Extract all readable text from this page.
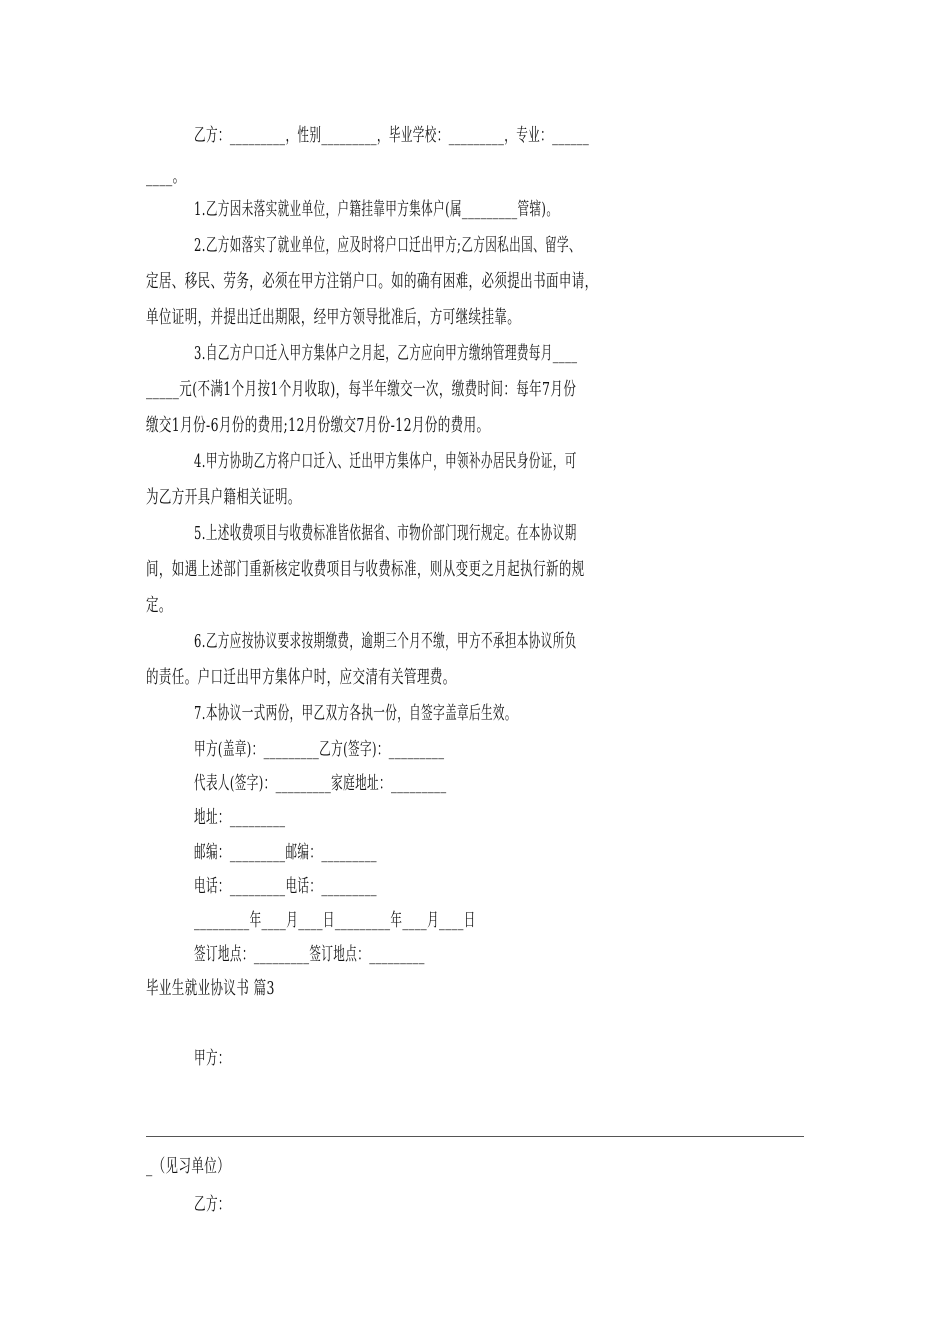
乙方：_________，性别_________，毕业学校：_________，专业：______
____。
1.乙方因未落实就业单位，户籍挂靠甲方集体户(属_________管辖)。
2.乙方如落实了就业单位，应及时将户口迁出甲方;乙方因私出国、留学、
定居、移民、劳务，必须在甲方注销户口。如的确有困难，必须提出书面申请，
单位证明，并提出迁出期限，经甲方领导批准后，方可继续挂靠。
3.自乙方户口迁入甲方集体户之月起，乙方应向甲方缴纳管理费每月____
_____元(不满1个月按1个月收取)，每半年缴交一次，缴费时间：每年7月份
缴交1月份-6月份的费用;12月份缴交7月份-12月份的费用。
4.甲方协助乙方将户口迁入、迁出甲方集体户，申领补办居民身份证，可
为乙方开具户籍相关证明。
5.上述收费项目与收费标准皆依据省、市物价部门现行规定。在本协议期
间，如遇上述部门重新核定收费项目与收费标准，则从变更之月起执行新的规
定。
6.乙方应按协议要求按期缴费，逾期三个月不缴，甲方不承担本协议所负
的责任。户口迁出甲方集体户时，应交清有关管理费。
7.本协议一式两份，甲乙双方各执一份，自签字盖章后生效。
甲方(盖章)：_________乙方(签字)：_________
代表人(签字)：_________家庭地址：_________
地址：_________
邮编：_________邮编：_________
电话：_________电话：_________
_________年____月____日_________年____月____日
签订地点：_________签订地点：_________
毕业生就业协议书 篇3
甲方：
_（见习单位）
乙方：
